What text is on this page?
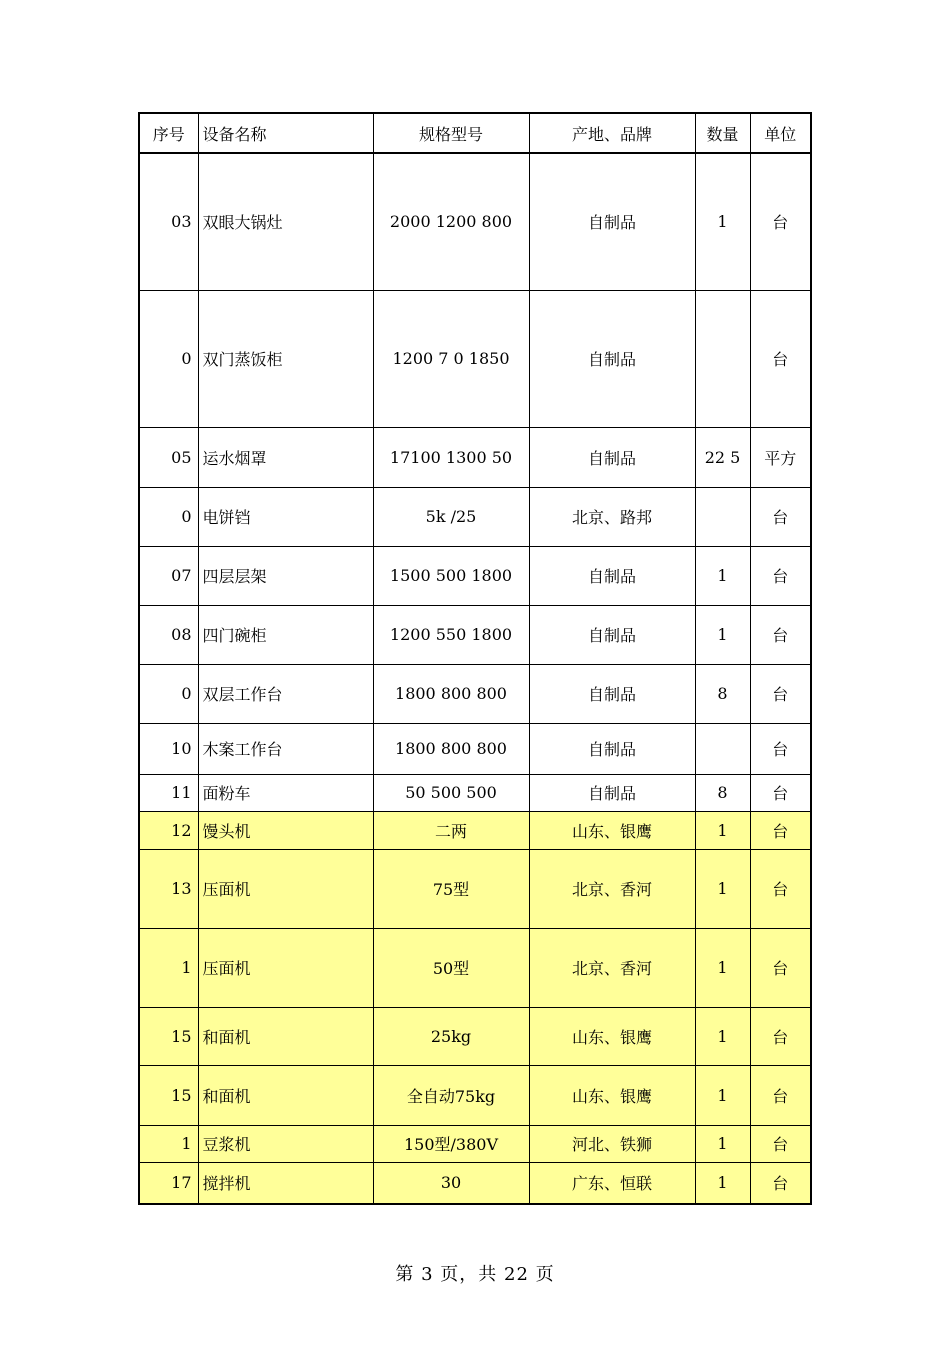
序号	设备名称	规格型号	产地、品牌	数量	单位
03	双眼大锅灶	2000 1200 800	自制品	1	台
0	双门蒸饭柜	1200 7 0 1850	自制品		台
05	运水烟罩	17100 1300 50	自制品	22 5	平方
0	电饼铛	5k /25	北京、路邦		台
07	四层层架	1500 500 1800	自制品	1	台
08	四门碗柜	1200 550 1800	自制品	1	台
0	双层工作台	1800 800 800	自制品	8	台
10	木案工作台	1800 800 800	自制品		台
11	面粉车	50 500 500	自制品	8	台
12	馒头机	二两	山东、银鹰	1	台
13	压面机	75型	北京、香河	1	台
1	压面机	50型	北京、香河	1	台
15	和面机	25kg	山东、银鹰	1	台
15	和面机	全自动75kg	山东、银鹰	1	台
1	豆浆机	150型/380V	河北、铁狮	1	台
17	搅拌机	30	广东、恒联	1	台
第 3 页，共 22 页
